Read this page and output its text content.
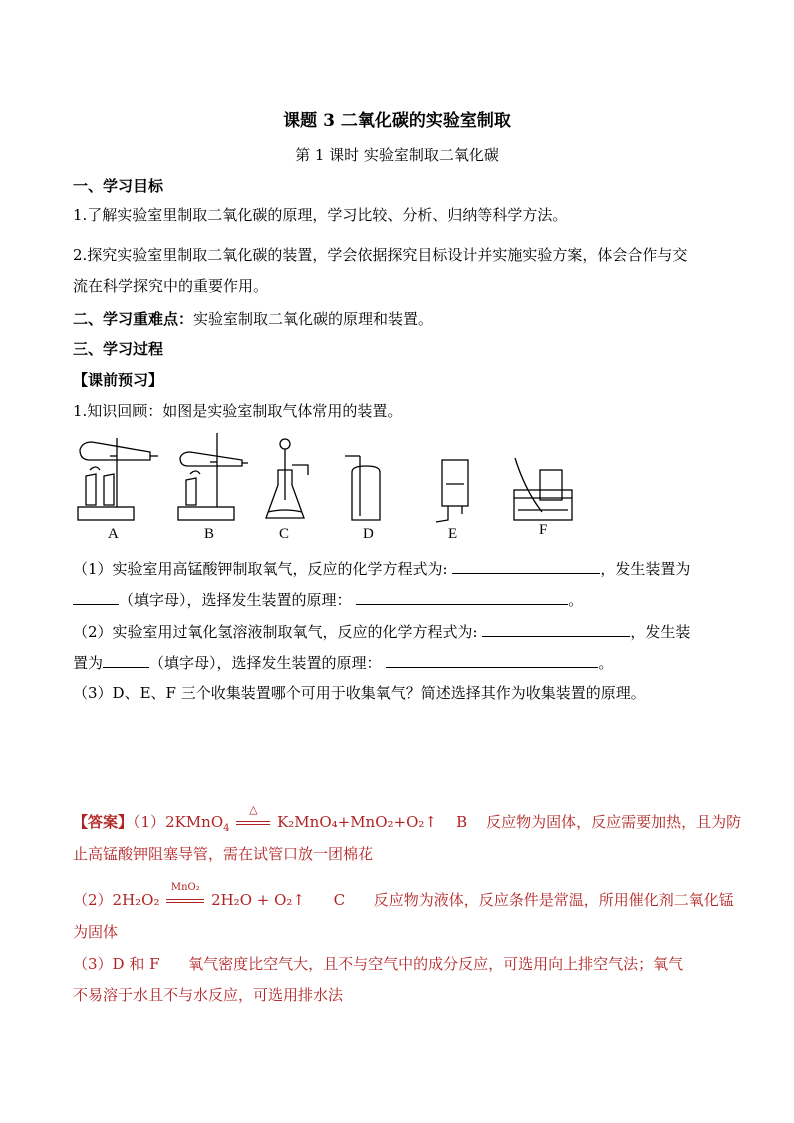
课题 3 二氧化碳的实验室制取
第 1 课时 实验室制取二氧化碳
一、学习目标
1.了解实验室里制取二氧化碳的原理，学习比较、分析、归纳等科学方法。
2.探究实验室里制取二氧化碳的装置，学会依据探究目标设计并实施实验方案，体会合作与交
流在科学探究中的重要作用。
二、学习重难点：实验室制取二氧化碳的原理和装置。
三、学习过程
【课前预习】
1.知识回顾：如图是实验室制取气体常用的装置。
A	B	C	D	E	F
（1）实验室用高锰酸钾制取氧气，反应的化学方程式为:	，发生装置为
（填字母），选择发生装置的原理：	。
（2）实验室用过氧化氢溶液制取氧气，反应的化学方程式为:	，发生装
置为	（填字母），选择发生装置的原理：	。
（3）D、E、F 三个收集装置哪个可用于收集氧气？简述选择其作为收集装置的原理。
【答案】（1）2KMnO$_4$
△
K₂MnO₄+MnO₂+O₂↑ B 反应物为固体，反应需要加热，且为防
止高锰酸钾阻塞导管，需在试管口放一团棉花
（2）2H₂O₂
MnO₂
2H₂O + O₂↑ C 反应物为液体，反应条件是常温，所用催化剂二氧化锰
为固体
（3）D 和 F 氧气密度比空气大，且不与空气中的成分反应，可选用向上排空气法；氧气
不易溶于水且不与水反应，可选用排水法
